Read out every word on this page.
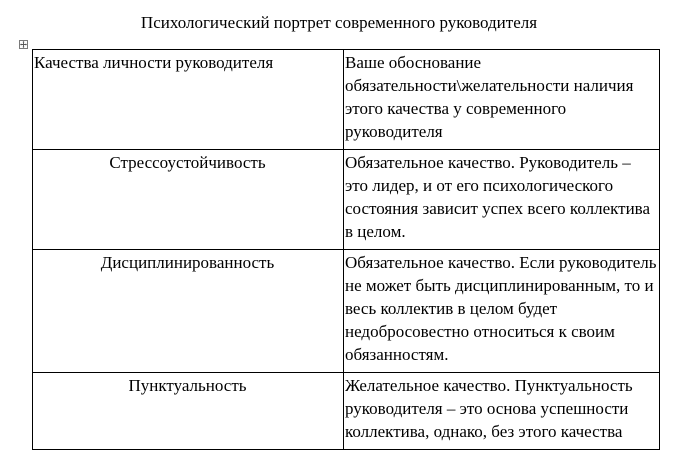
Психологический портрет современного руководителя
Качества личности руководителя	Ваше обоснование обязательности\желательности наличия этого качества у современного руководителя
Стрессоустойчивость	Обязательное качество. Руководитель – это лидер, и от его психологического состояния зависит успех всего коллектива в целом.
Дисциплинированность	Обязательное качество. Если руководитель не может быть дисциплинированным, то и весь коллектив в целом будет недобросовестно относиться к своим обязанностям.
Пунктуальность	Желательное качество. Пунктуальность руководителя – это основа успешности коллектива, однако, без этого качества
